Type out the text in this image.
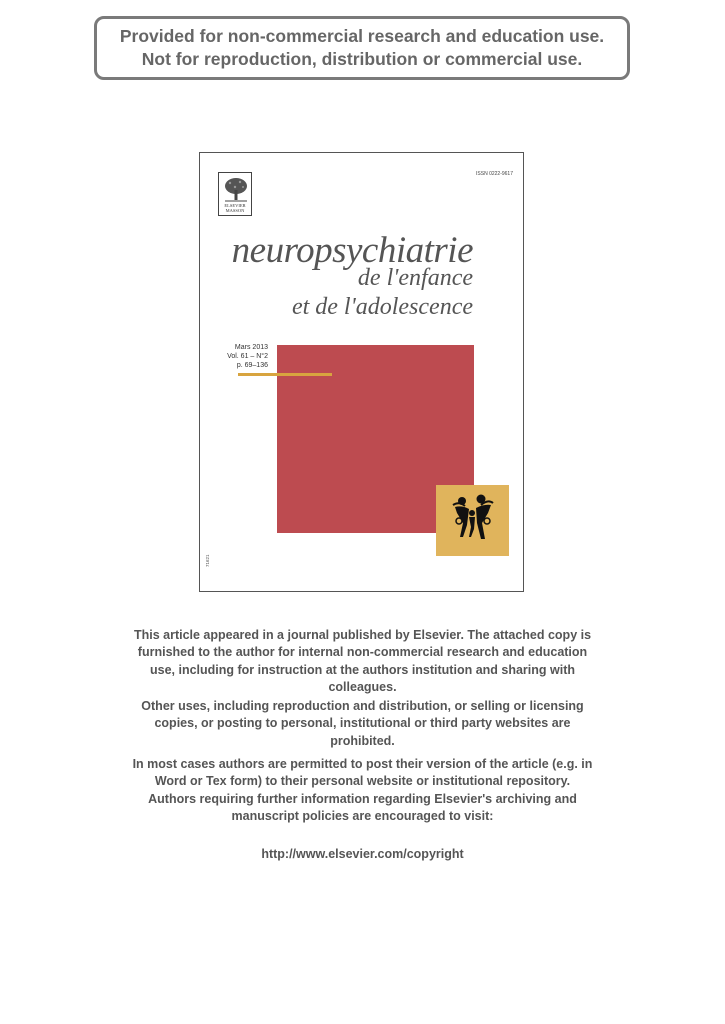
Provided for non-commercial research and education use.
Not for reproduction, distribution or commercial use.
ELSEVIER
MASSON
ISSN 0222-9617
neuropsychiatrie
de l'enfance
et de l'adolescence
Mars 2013
Vol. 61 – N°2
p. 69–136
71621
This article appeared in a journal published by Elsevier. The attached copy is furnished to the author for internal non-commercial research and education use, including for instruction at the authors institution and sharing with colleagues.
Other uses, including reproduction and distribution, or selling or licensing copies, or posting to personal, institutional or third party websites are prohibited.
In most cases authors are permitted to post their version of the article (e.g. in Word or Tex form) to their personal website or institutional repository. Authors requiring further information regarding Elsevier's archiving and manuscript policies are encouraged to visit:
http://www.elsevier.com/copyright
